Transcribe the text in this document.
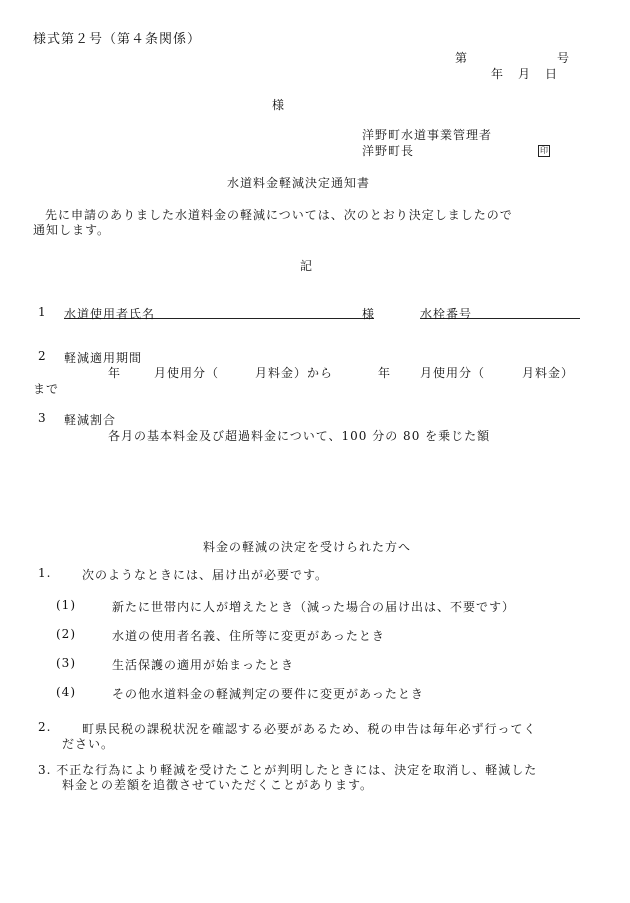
様式第２号（第４条関係）
第	号
年 月 日
様
洋野町水道事業管理者
洋野町長	印
水道料金軽減決定通知書
先に申請のありました水道料金の軽減については、次のとおり決定しましたので
通知します。
記
1 水道使用者氏名	様	水栓番号
2 軽減適用期間
年	月使用分（	月料金）から	年 月使用分（	月料金）
まで
3 軽減割合
各月の基本料金及び超過料金について、100 分の 80 を乗じた額
料金の軽減の決定を受けられた方へ
1.	次のようなときには、届け出が必要です。
(1)	新たに世帯内に人が増えたとき（減った場合の届け出は、不要です）
(2)	水道の使用者名義、住所等に変更があったとき
(3)	生活保護の適用が始まったとき
(4)	その他水道料金の軽減判定の要件に変更があったとき
2.	町県民税の課税状況を確認する必要があるため、税の申告は毎年必ず行ってく
ださい。
3. 不正な行為により軽減を受けたことが判明したときには、決定を取消し、軽減した
料金との差額を追徴させていただくことがあります。
